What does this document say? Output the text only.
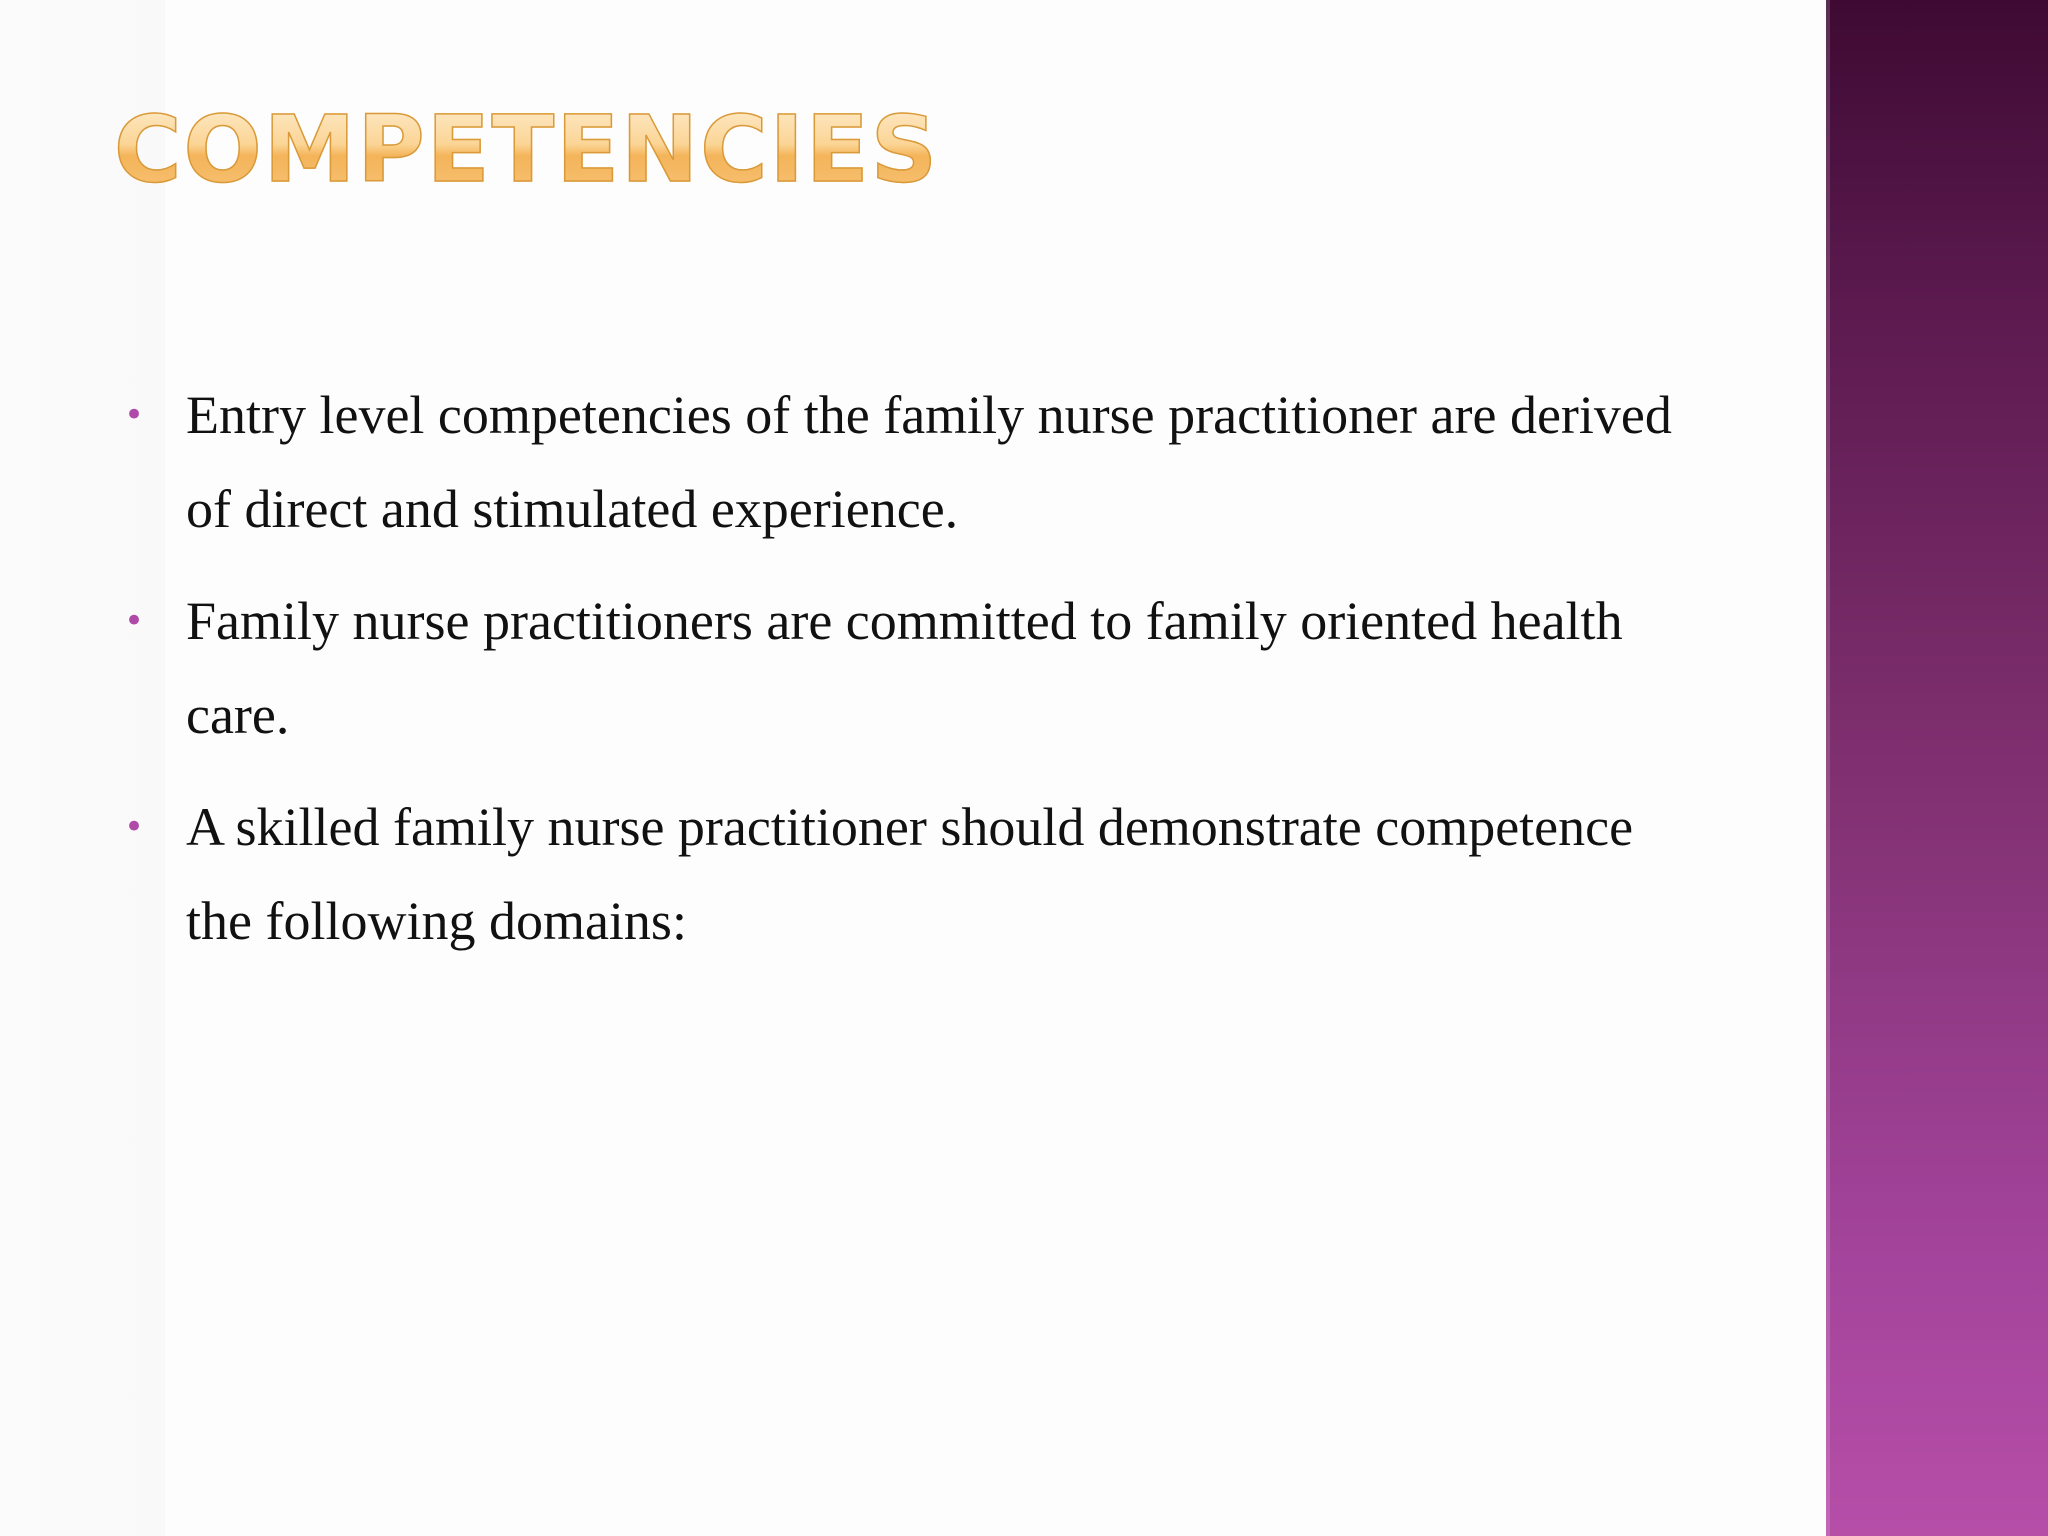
COMPETENCIES
• Entry level competencies of the family nurse practitioner are derived of direct and stimulated experience.
• Family nurse practitioners are committed to family oriented health care.
• A skilled family nurse practitioner should demonstrate competence the following domains:
